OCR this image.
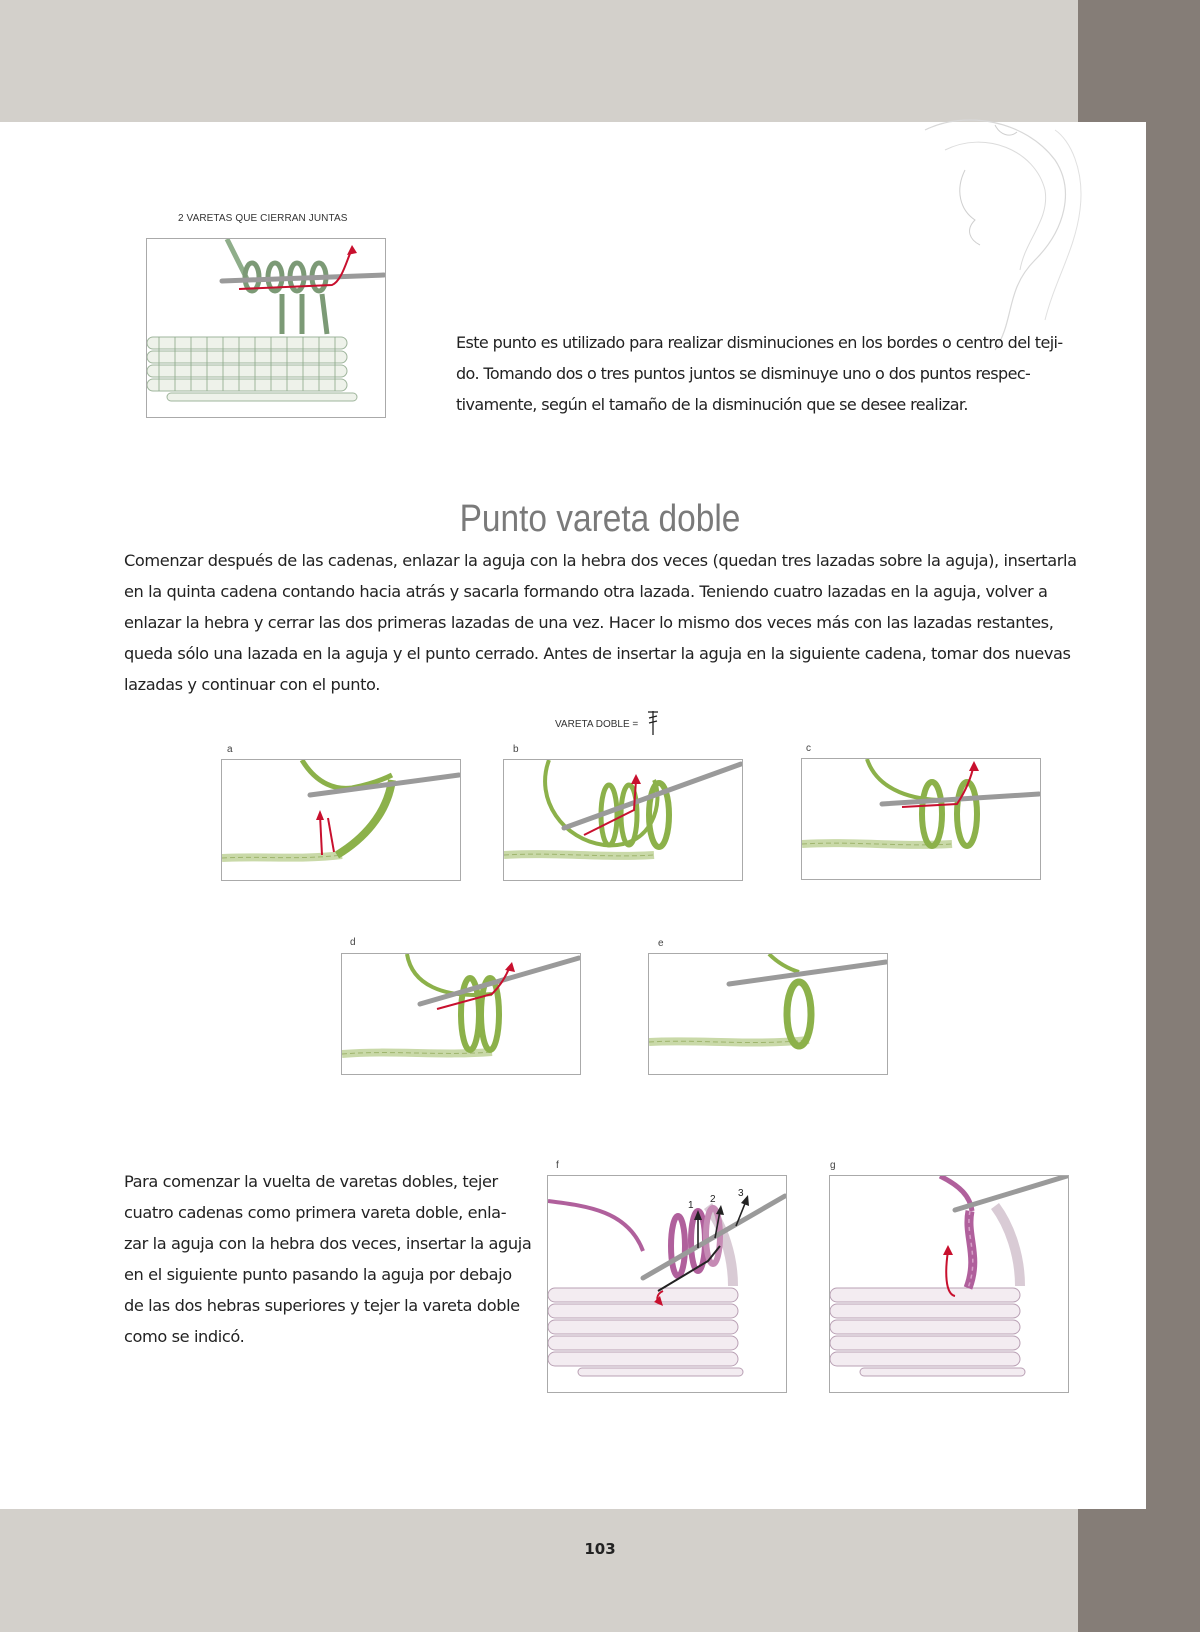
2 VARETAS QUE CIERRAN JUNTAS

Este punto es utilizado para realizar disminuciones en los bordes o centro del teji-

do. Tomando dos o tres puntos juntos se disminuye uno o dos puntos respec-

tivamente, según el tamaño de la disminución que se desee realizar.

Punto vareta doble

Comenzar después de las cadenas, enlazar la aguja con la hebra dos veces (quedan tres lazadas sobre la aguja), insertarla

en la quinta cadena contando hacia atrás y sacarla formando otra lazada. Teniendo cuatro lazadas en la aguja, volver a

enlazar la hebra y cerrar las dos primeras lazadas de una vez. Hacer lo mismo dos veces más con las lazadas restantes,

queda sólo una lazada en la aguja y el punto cerrado. Antes de insertar la aguja en la siguiente cadena, tomar dos nuevas

lazadas y continuar con el punto.

VARETA DOBLE =
a	b	c
d	e
f	g

Para comenzar la vuelta de varetas dobles, tejer

cuatro cadenas como primera vareta doble, enla-

zar la aguja con la hebra dos veces, insertar la aguja

en el siguiente punto pasando la aguja por debajo

de las dos hebras superiores y tejer la vareta doble

como se indicó.

1
2
3
103
